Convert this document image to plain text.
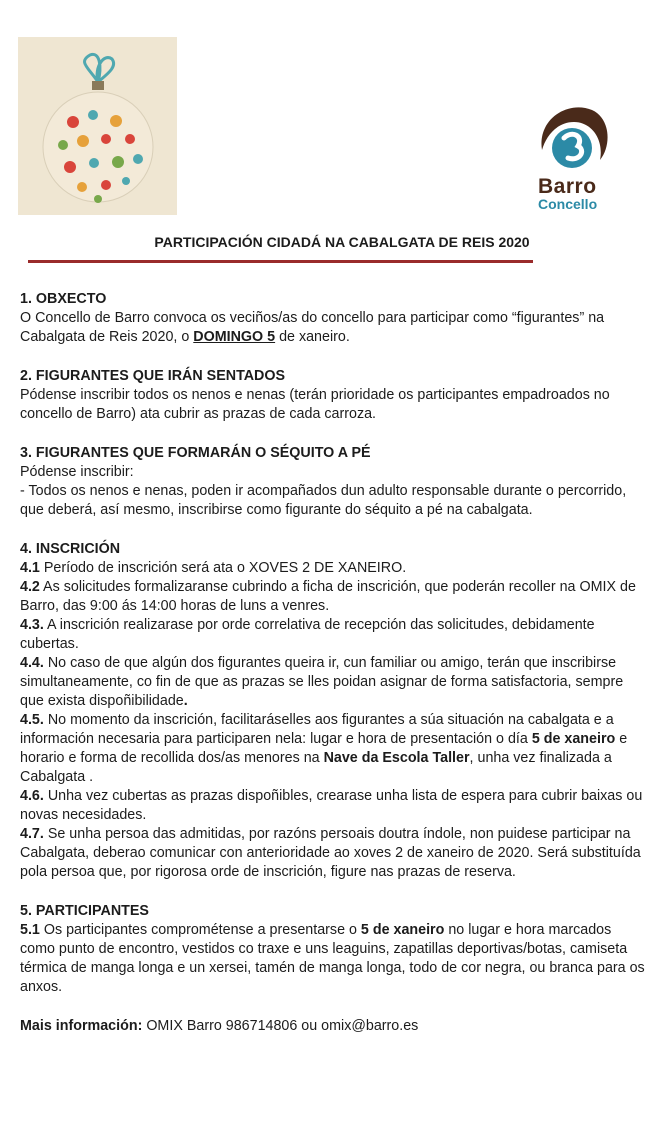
Barro
Concello
PARTICIPACIÓN CIDADÁ NA CABALGATA DE REIS 2020
1. OBXECTO

O Concello de Barro convoca os veciños/as do concello para participar como “figurantes” na Cabalgata de Reis 2020, o DOMINGO 5 de xaneiro.

2. FIGURANTES QUE IRÁN SENTADOS

Pódense inscribir todos os nenos e nenas (terán prioridade os participantes empadroados no concello de Barro) ata cubrir as prazas de cada carroza.

3. FIGURANTES QUE FORMARÁN O SÉQUITO A PÉ

Pódense inscribir:

- Todos os nenos e nenas, poden ir acompañados dun adulto responsable durante o percorrido, que deberá, así mesmo, inscribirse como figurante do séquito a pé na cabalgata.

4. INSCRICIÓN

4.1 Período de inscrición será ata o XOVES 2 DE XANEIRO.

4.2 As solicitudes formalizaranse cubrindo a ficha de inscrición, que poderán recoller na OMIX de Barro, das 9:00 ás 14:00 horas de luns a venres.

4.3. A inscrición realizarase por orde correlativa de recepción das solicitudes, debidamente cubertas.

4.4. No caso de que algún dos figurantes queira ir, cun familiar ou amigo, terán que inscribirse simultaneamente, co fin de que as prazas se lles poidan asignar de forma satisfactoria, sempre que exista dispoñibilidade.

4.5. No momento da inscrición, facilitaráselles aos figurantes a súa situación na cabalgata e a información necesaria para participaren nela: lugar e hora de presentación o día 5 de xaneiro e horario e forma de recollida dos/as menores na Nave da Escola Taller, unha vez finalizada a Cabalgata .

4.6. Unha vez cubertas as prazas dispoñibles, crearase unha lista de espera para cubrir baixas ou novas necesidades.

4.7. Se unha persoa das admitidas, por razóns persoais doutra índole, non puidese participar na Cabalgata, deberao comunicar con anterioridade ao xoves 2 de xaneiro de 2020. Será substituída pola persoa que, por rigorosa orde de inscrición, figure nas prazas de reserva.

5. PARTICIPANTES

5.1 Os participantes comprométense a presentarse o 5 de xaneiro no lugar e hora marcados como punto de encontro, vestidos co traxe e uns leaguins, zapatillas deportivas/botas, camiseta térmica de manga longa e un xersei, tamén de manga longa, todo de cor negra, ou branca para os anxos.

Mais información: OMIX Barro 986714806 ou omix@barro.es
